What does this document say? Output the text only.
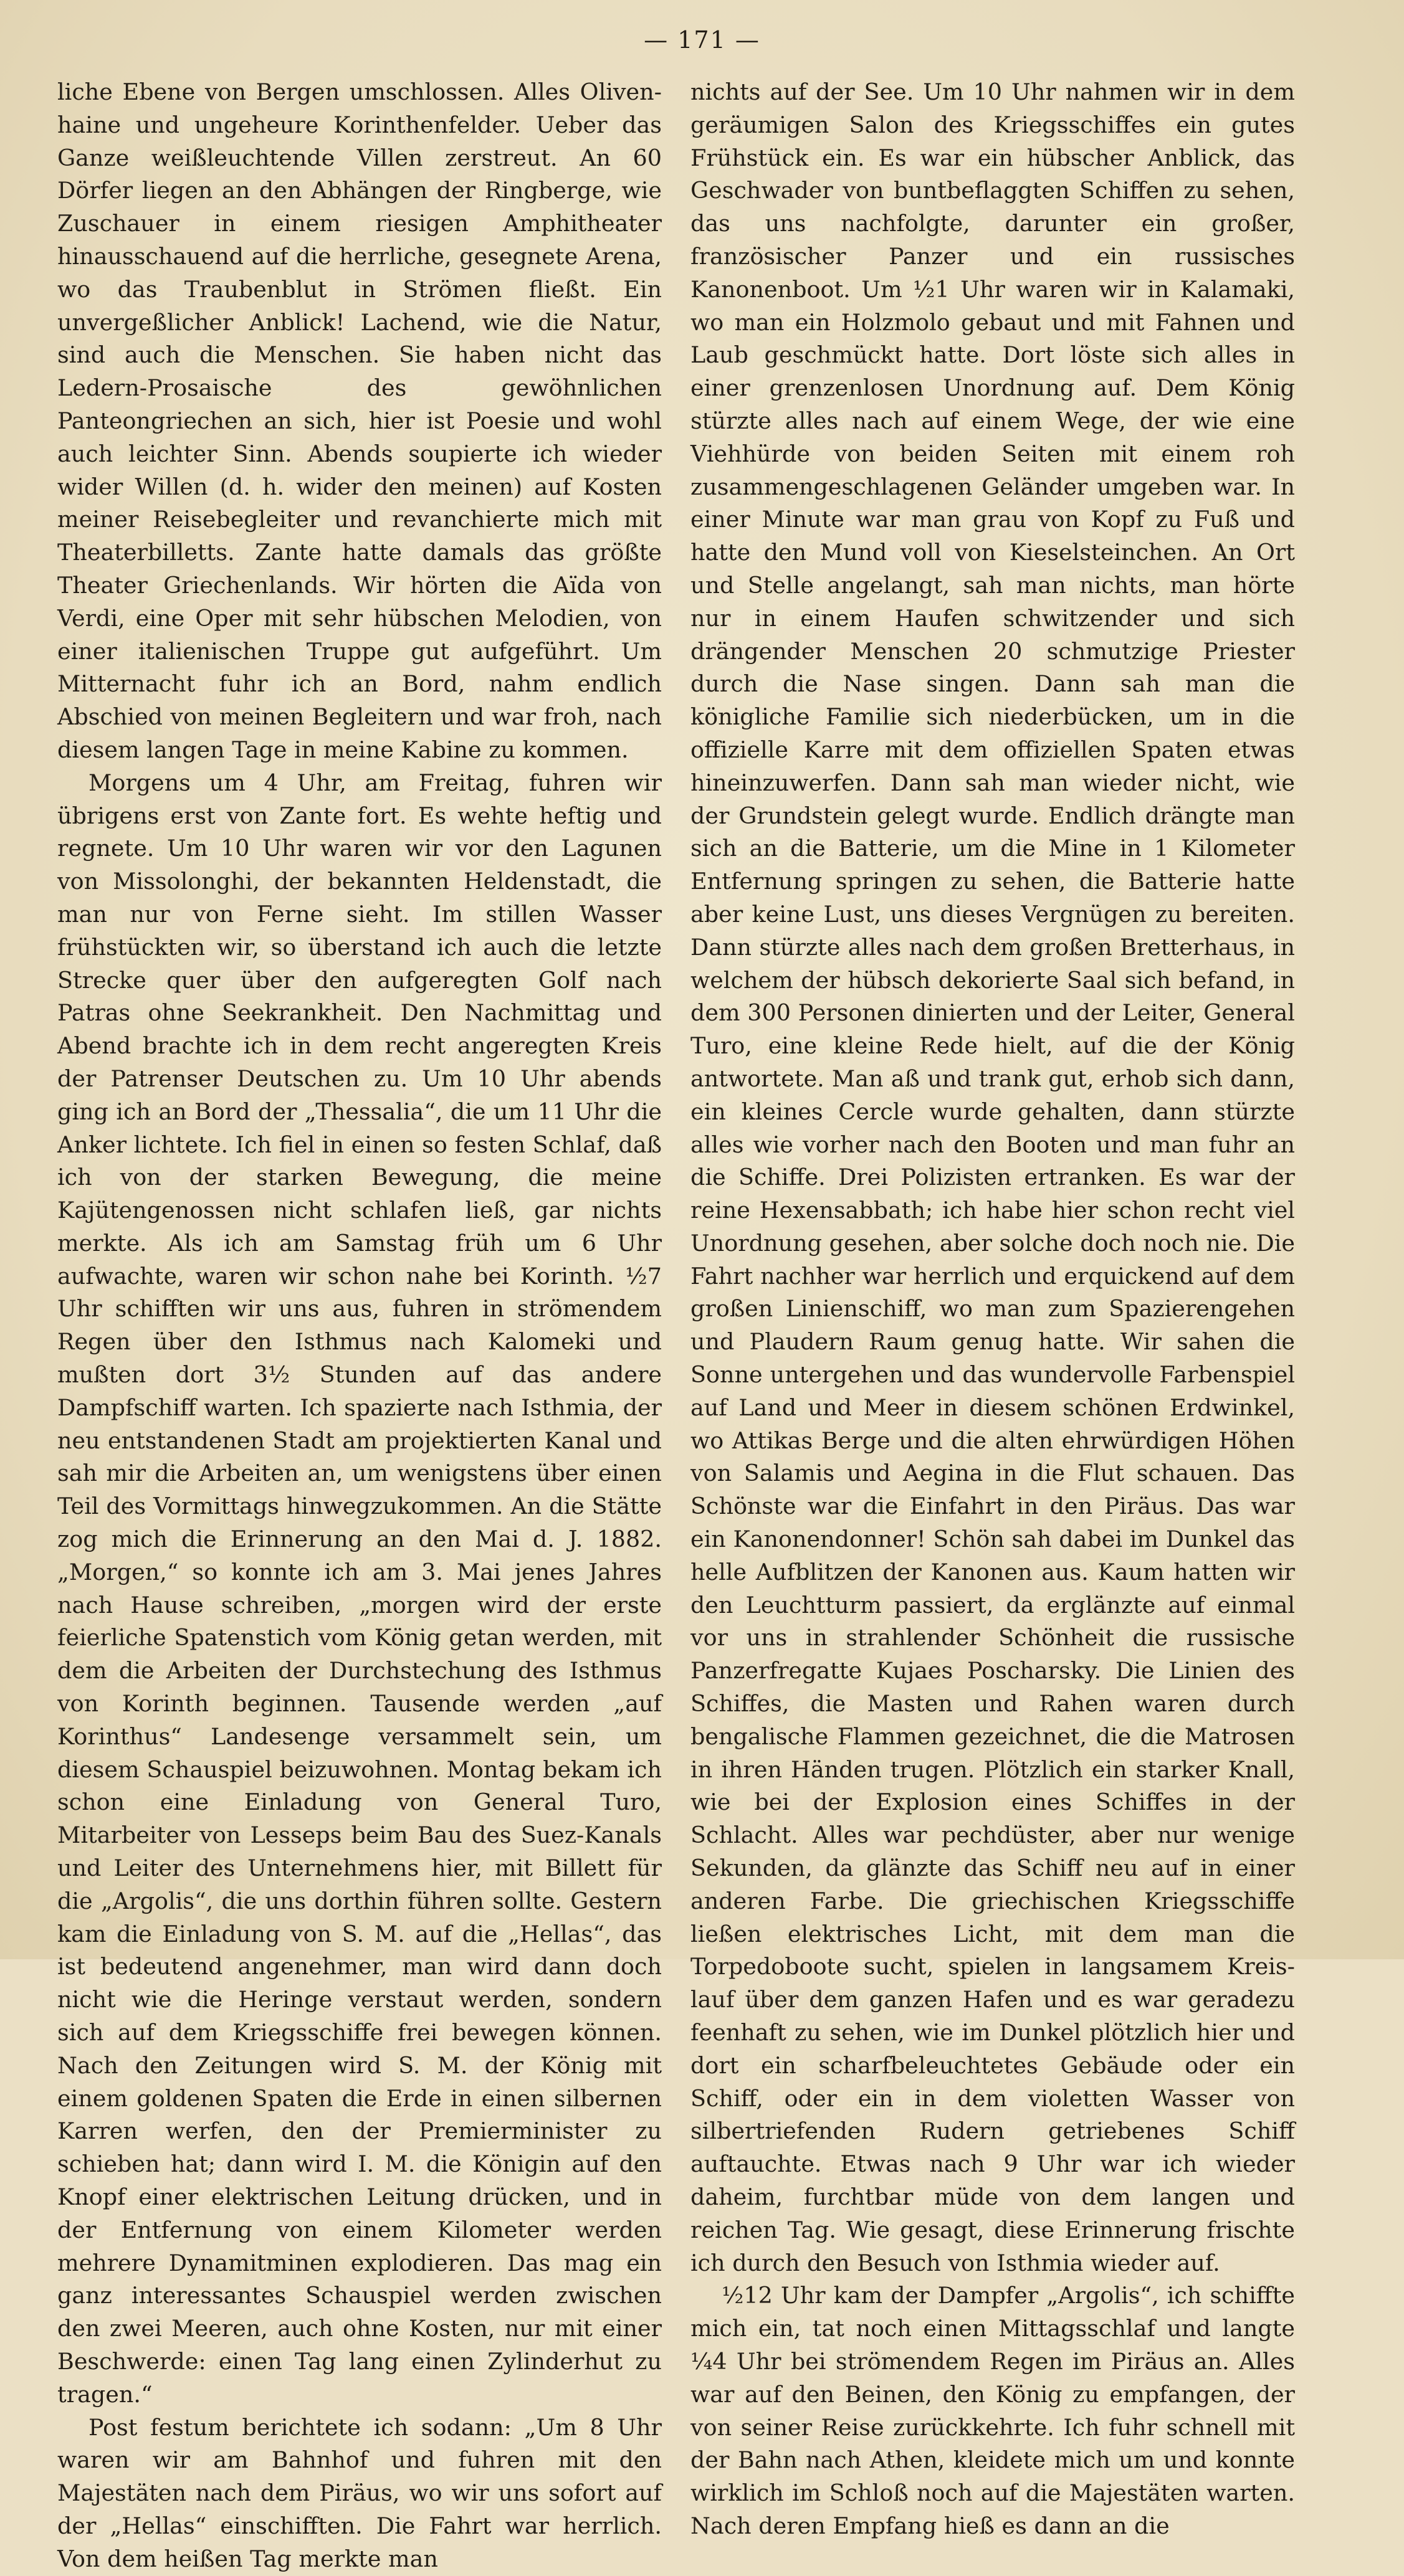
— 171 —

liche Ebene von Bergen umschlossen. Alles Olivenhaine und ungeheure Korinthenfelder. Ueber das Ganze weißleuchtende Villen zerstreut. An 60 Dörfer liegen an den Abhängen der Ringberge, wie Zuschauer in einem riesigen Amphitheater hinausschauend auf die herrliche, gesegnete Arena, wo das Traubenblut in Strömen fließt. Ein unvergeßlicher Anblick! Lachend, wie die Natur, sind auch die Menschen. Sie haben nicht das Ledern-Prosaische des gewöhnlichen Panteongriechen an sich, hier ist Poesie und wohl auch leichter Sinn. Abends soupierte ich wieder wider Willen (d. h. wider den meinen) auf Kosten meiner Reisebegleiter und revanchierte mich mit Theaterbilletts. Zante hatte damals das größte Theater Griechenlands. Wir hörten die Aïda von Verdi, eine Oper mit sehr hübschen Melodien, von einer italienischen Truppe gut aufgeführt. Um Mitternacht fuhr ich an Bord, nahm endlich Abschied von meinen Begleitern und war froh, nach diesem langen Tage in meine Kabine zu kommen.

Morgens um 4 Uhr, am Freitag, fuhren wir übrigens erst von Zante fort. Es wehte heftig und regnete. Um 10 Uhr waren wir vor den Lagunen von Missolonghi, der bekannten Heldenstadt, die man nur von Ferne sieht. Im stillen Wasser frühstückten wir, so überstand ich auch die letzte Strecke quer über den aufgeregten Golf nach Patras ohne Seekrankheit. Den Nachmittag und Abend brachte ich in dem recht angeregten Kreis der Patrenser Deutschen zu. Um 10 Uhr abends ging ich an Bord der „Thessalia“, die um 11 Uhr die Anker lichtete. Ich fiel in einen so festen Schlaf, daß ich von der starken Bewegung, die meine Kajütengenossen nicht schlafen ließ, gar nichts merkte. Als ich am Samstag früh um 6 Uhr aufwachte, waren wir schon nahe bei Korinth. ½7 Uhr schifften wir uns aus, fuhren in strömendem Regen über den Isthmus nach Kalomeki und mußten dort 3½ Stunden auf das andere Dampfschiff warten. Ich spazierte nach Isthmia, der neu entstandenen Stadt am projektierten Kanal und sah mir die Arbeiten an, um wenigstens über einen Teil des Vormittags hinwegzukommen. An die Stätte zog mich die Erinnerung an den Mai d. J. 1882. „Morgen,“ so konnte ich am 3. Mai jenes Jahres nach Hause schreiben, „morgen wird der erste feierliche Spatenstich vom König getan werden, mit dem die Arbeiten der Durchstechung des Isthmus von Korinth beginnen. Tausende werden „auf Korinthus“ Landesenge versammelt sein, um diesem Schauspiel beizuwohnen. Montag bekam ich schon eine Einladung von General Turo, Mitarbeiter von Lesseps beim Bau des Suez-Kanals und Leiter des Unternehmens hier, mit Billett für die „Argolis“, die uns dorthin führen sollte. Gestern kam die Einladung von S. M. auf die „Hellas“, das ist bedeutend angenehmer, man wird dann doch nicht wie die Heringe verstaut werden, sondern sich auf dem Kriegsschiffe frei bewegen können. Nach den Zeitungen wird S. M. der König mit einem goldenen Spaten die Erde in einen silbernen Karren werfen, den der Premierminister zu schieben hat; dann wird I. M. die Königin auf den Knopf einer elektrischen Leitung drücken, und in der Entfernung von einem Kilometer werden mehrere Dynamitminen explodieren. Das mag ein ganz interessantes Schauspiel werden zwischen den zwei Meeren, auch ohne Kosten, nur mit einer Beschwerde: einen Tag lang einen Zylinderhut zu tragen.“

Post festum berichtete ich sodann: „Um 8 Uhr waren wir am Bahnhof und fuhren mit den Majestäten nach dem Piräus, wo wir uns sofort auf der „Hellas“ einschifften. Die Fahrt war herrlich. Von dem heißen Tag merkte man

nichts auf der See. Um 10 Uhr nahmen wir in dem geräumigen Salon des Kriegsschiffes ein gutes Frühstück ein. Es war ein hübscher Anblick, das Geschwader von buntbeflaggten Schiffen zu sehen, das uns nachfolgte, darunter ein großer, französischer Panzer und ein russisches Kanonenboot. Um ½1 Uhr waren wir in Kalamaki, wo man ein Holzmolo gebaut und mit Fahnen und Laub geschmückt hatte. Dort löste sich alles in einer grenzenlosen Unordnung auf. Dem König stürzte alles nach auf einem Wege, der wie eine Viehhürde von beiden Seiten mit einem roh zusammengeschlagenen Geländer umgeben war. In einer Minute war man grau von Kopf zu Fuß und hatte den Mund voll von Kieselsteinchen. An Ort und Stelle angelangt, sah man nichts, man hörte nur in einem Haufen schwitzender und sich drängender Menschen 20 schmutzige Priester durch die Nase singen. Dann sah man die königliche Familie sich niederbücken, um in die offizielle Karre mit dem offiziellen Spaten etwas hineinzuwerfen. Dann sah man wieder nicht, wie der Grundstein gelegt wurde. Endlich drängte man sich an die Batterie, um die Mine in 1 Kilometer Entfernung springen zu sehen, die Batterie hatte aber keine Lust, uns dieses Vergnügen zu bereiten. Dann stürzte alles nach dem großen Bretterhaus, in welchem der hübsch dekorierte Saal sich befand, in dem 300 Personen dinierten und der Leiter, General Turo, eine kleine Rede hielt, auf die der König antwortete. Man aß und trank gut, erhob sich dann, ein kleines Cercle wurde gehalten, dann stürzte alles wie vorher nach den Booten und man fuhr an die Schiffe. Drei Polizisten ertranken. Es war der reine Hexensabbath; ich habe hier schon recht viel Unordnung gesehen, aber solche doch noch nie. Die Fahrt nachher war herrlich und erquickend auf dem großen Linienschiff, wo man zum Spazierengehen und Plaudern Raum genug hatte. Wir sahen die Sonne untergehen und das wundervolle Farbenspiel auf Land und Meer in diesem schönen Erdwinkel, wo Attikas Berge und die alten ehrwürdigen Höhen von Salamis und Aegina in die Flut schauen. Das Schönste war die Einfahrt in den Piräus. Das war ein Kanonendonner! Schön sah dabei im Dunkel das helle Aufblitzen der Kanonen aus. Kaum hatten wir den Leuchtturm passiert, da erglänzte auf einmal vor uns in strahlender Schönheit die russische Panzerfregatte Kujaes Poscharsky. Die Linien des Schiffes, die Masten und Rahen waren durch bengalische Flammen gezeichnet, die die Matrosen in ihren Händen trugen. Plötzlich ein starker Knall, wie bei der Explosion eines Schiffes in der Schlacht. Alles war pechdüster, aber nur wenige Sekunden, da glänzte das Schiff neu auf in einer anderen Farbe. Die griechischen Kriegsschiffe ließen elektrisches Licht, mit dem man die Torpedoboote sucht, spielen in langsamem Kreislauf über dem ganzen Hafen und es war geradezu feenhaft zu sehen, wie im Dunkel plötzlich hier und dort ein scharfbeleuchtetes Gebäude oder ein Schiff, oder ein in dem violetten Wasser von silbertriefenden Rudern getriebenes Schiff auftauchte. Etwas nach 9 Uhr war ich wieder daheim, furchtbar müde von dem langen und reichen Tag. Wie gesagt, diese Erinnerung frischte ich durch den Besuch von Isthmia wieder auf.

½12 Uhr kam der Dampfer „Argolis“, ich schiffte mich ein, tat noch einen Mittagsschlaf und langte ¼4 Uhr bei strömendem Regen im Piräus an. Alles war auf den Beinen, den König zu empfangen, der von seiner Reise zurückkehrte. Ich fuhr schnell mit der Bahn nach Athen, kleidete mich um und konnte wirklich im Schloß noch auf die Majestäten warten. Nach deren Empfang hieß es dann an die
